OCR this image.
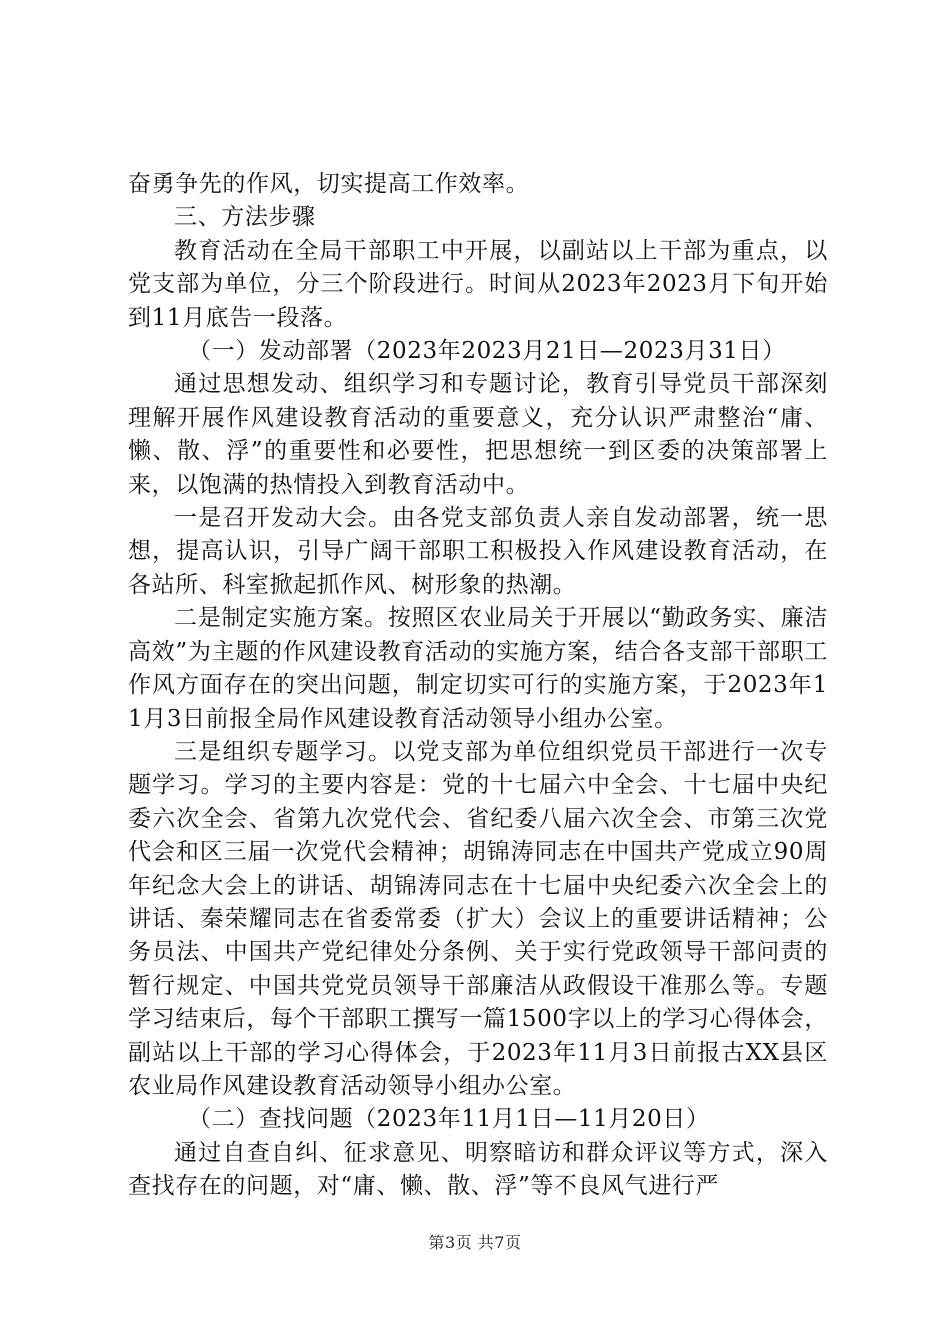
奋勇争先的作风，切实提高工作效率。

三、方法步骤

教育活动在全局干部职工中开展，以副站以上干部为重点，以党支部为单位，分三个阶段进行。时间从2023年2023月下旬开始到11月底告一段落。

（一）发动部署（2023年2023月21日—2023月31日）

通过思想发动、组织学习和专题讨论，教育引导党员干部深刻理解开展作风建设教育活动的重要意义，充分认识严肃整治“庸、懒、散、浮”的重要性和必要性，把思想统一到区委的决策部署上来，以饱满的热情投入到教育活动中。

一是召开发动大会。由各党支部负责人亲自发动部署，统一思想，提高认识，引导广阔干部职工积极投入作风建设教育活动，在各站所、科室掀起抓作风、树形象的热潮。

二是制定实施方案。按照区农业局关于开展以“勤政务实、廉洁高效”为主题的作风建设教育活动的实施方案，结合各支部干部职工作风方面存在的突出问题，制定切实可行的实施方案，于2023年11月3日前报全局作风建设教育活动领导小组办公室。

三是组织专题学习。以党支部为单位组织党员干部进行一次专题学习。学习的主要内容是：党的十七届六中全会、十七届中央纪委六次全会、省第九次党代会、省纪委八届六次全会、市第三次党代会和区三届一次党代会精神；胡锦涛同志在中国共产党成立90周年纪念大会上的讲话、胡锦涛同志在十七届中央纪委六次全会上的讲话、秦荣耀同志在省委常委（扩大）会议上的重要讲话精神；公务员法、中国共产党纪律处分条例、关于实行党政领导干部问责的暂行规定、中国共党党员领导干部廉洁从政假设干准那么等。专题学习结束后，每个干部职工撰写一篇1500字以上的学习心得体会，副站以上干部的学习心得体会，于2023年11月3日前报古XX县区农业局作风建设教育活动领导小组办公室。

（二）查找问题（2023年11月1日—11月20日）

通过自查自纠、征求意见、明察暗访和群众评议等方式，深入查找存在的问题，对“庸、懒、散、浮”等不良风气进行严

第3页 共7页
